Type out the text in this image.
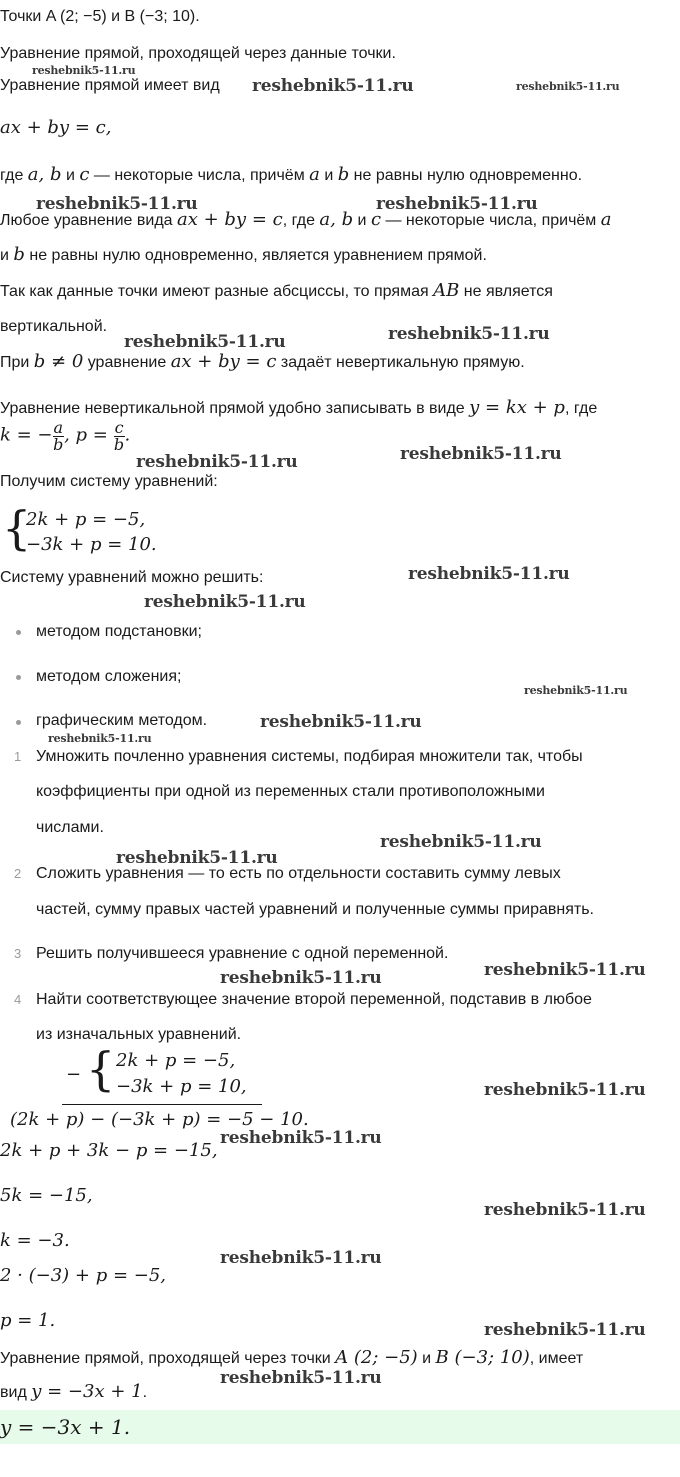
Точки A (2; −5) и B (−3; 10).
Уравнение прямой, проходящей через данные точки.
Уравнение прямой имеет вид
ax + by = c,
где a, b и c — некоторые числа, причём a и b не равны нулю одновременно.
Любое уравнение вида ax + by = c, где a, b и c — некоторые числа, причём a
и b не равны нулю одновременно, является уравнением прямой.
Так как данные точки имеют разные абсциссы, то прямая AB не является
вертикальной.
При b ≠ 0 уравнение ax + by = c задаёт невертикальную прямую.
Уравнение невертикальной прямой удобно записывать в виде y = kx + p, где
k = − $\frac{a}{b}$ , $p = \frac{c}{b}$ .
Получим систему уравнений:
{
2k + p = −5,
−3k + p = 10.
Систему уравнений можно решить:
методом подстановки;
методом сложения;
графическим методом.
1 Умножить почленно уравнения системы, подбирая множители так, чтобы
коэффициенты при одной из переменных стали противоположными
числами.
2 Сложить уравнения — то есть по отдельности составить сумму левых
частей, сумму правых частей уравнений и полученные суммы приравнять.
3 Решить получившееся уравнение с одной переменной.
4 Найти соответствующее значение второй переменной, подставив в любое
из изначальных уравнений.
− { 2k + p = −5,
−3k + p = 10,
(2k + p) − (−3k + p) = −5 − 10.
2k + p + 3k − p = −15,
5k = −15,
k = −3.
2 · (−3) + p = −5,
p = 1.
Уравнение прямой, проходящей через точки A (2; −5) и B (−3; 10), имеет
вид y = −3x + 1.
y = −3x + 1.
reshebnik5-11.ru
reshebnik5-11.ru	reshebnik5-11.ru
reshebnik5-11.ru	reshebnik5-11.ru
reshebnik5-11.ru	reshebnik5-11.ru
reshebnik5-11.ru	reshebnik5-11.ru
reshebnik5-11.ru
reshebnik5-11.ru
reshebnik5-11.ru
reshebnik5-11.ru
reshebnik5-11.ru
reshebnik5-11.ru
reshebnik5-11.ru
reshebnik5-11.ru
reshebnik5-11.ru
reshebnik5-11.ru
reshebnik5-11.ru
reshebnik5-11.ru
reshebnik5-11.ru
reshebnik5-11.ru
reshebnik5-11.ru
